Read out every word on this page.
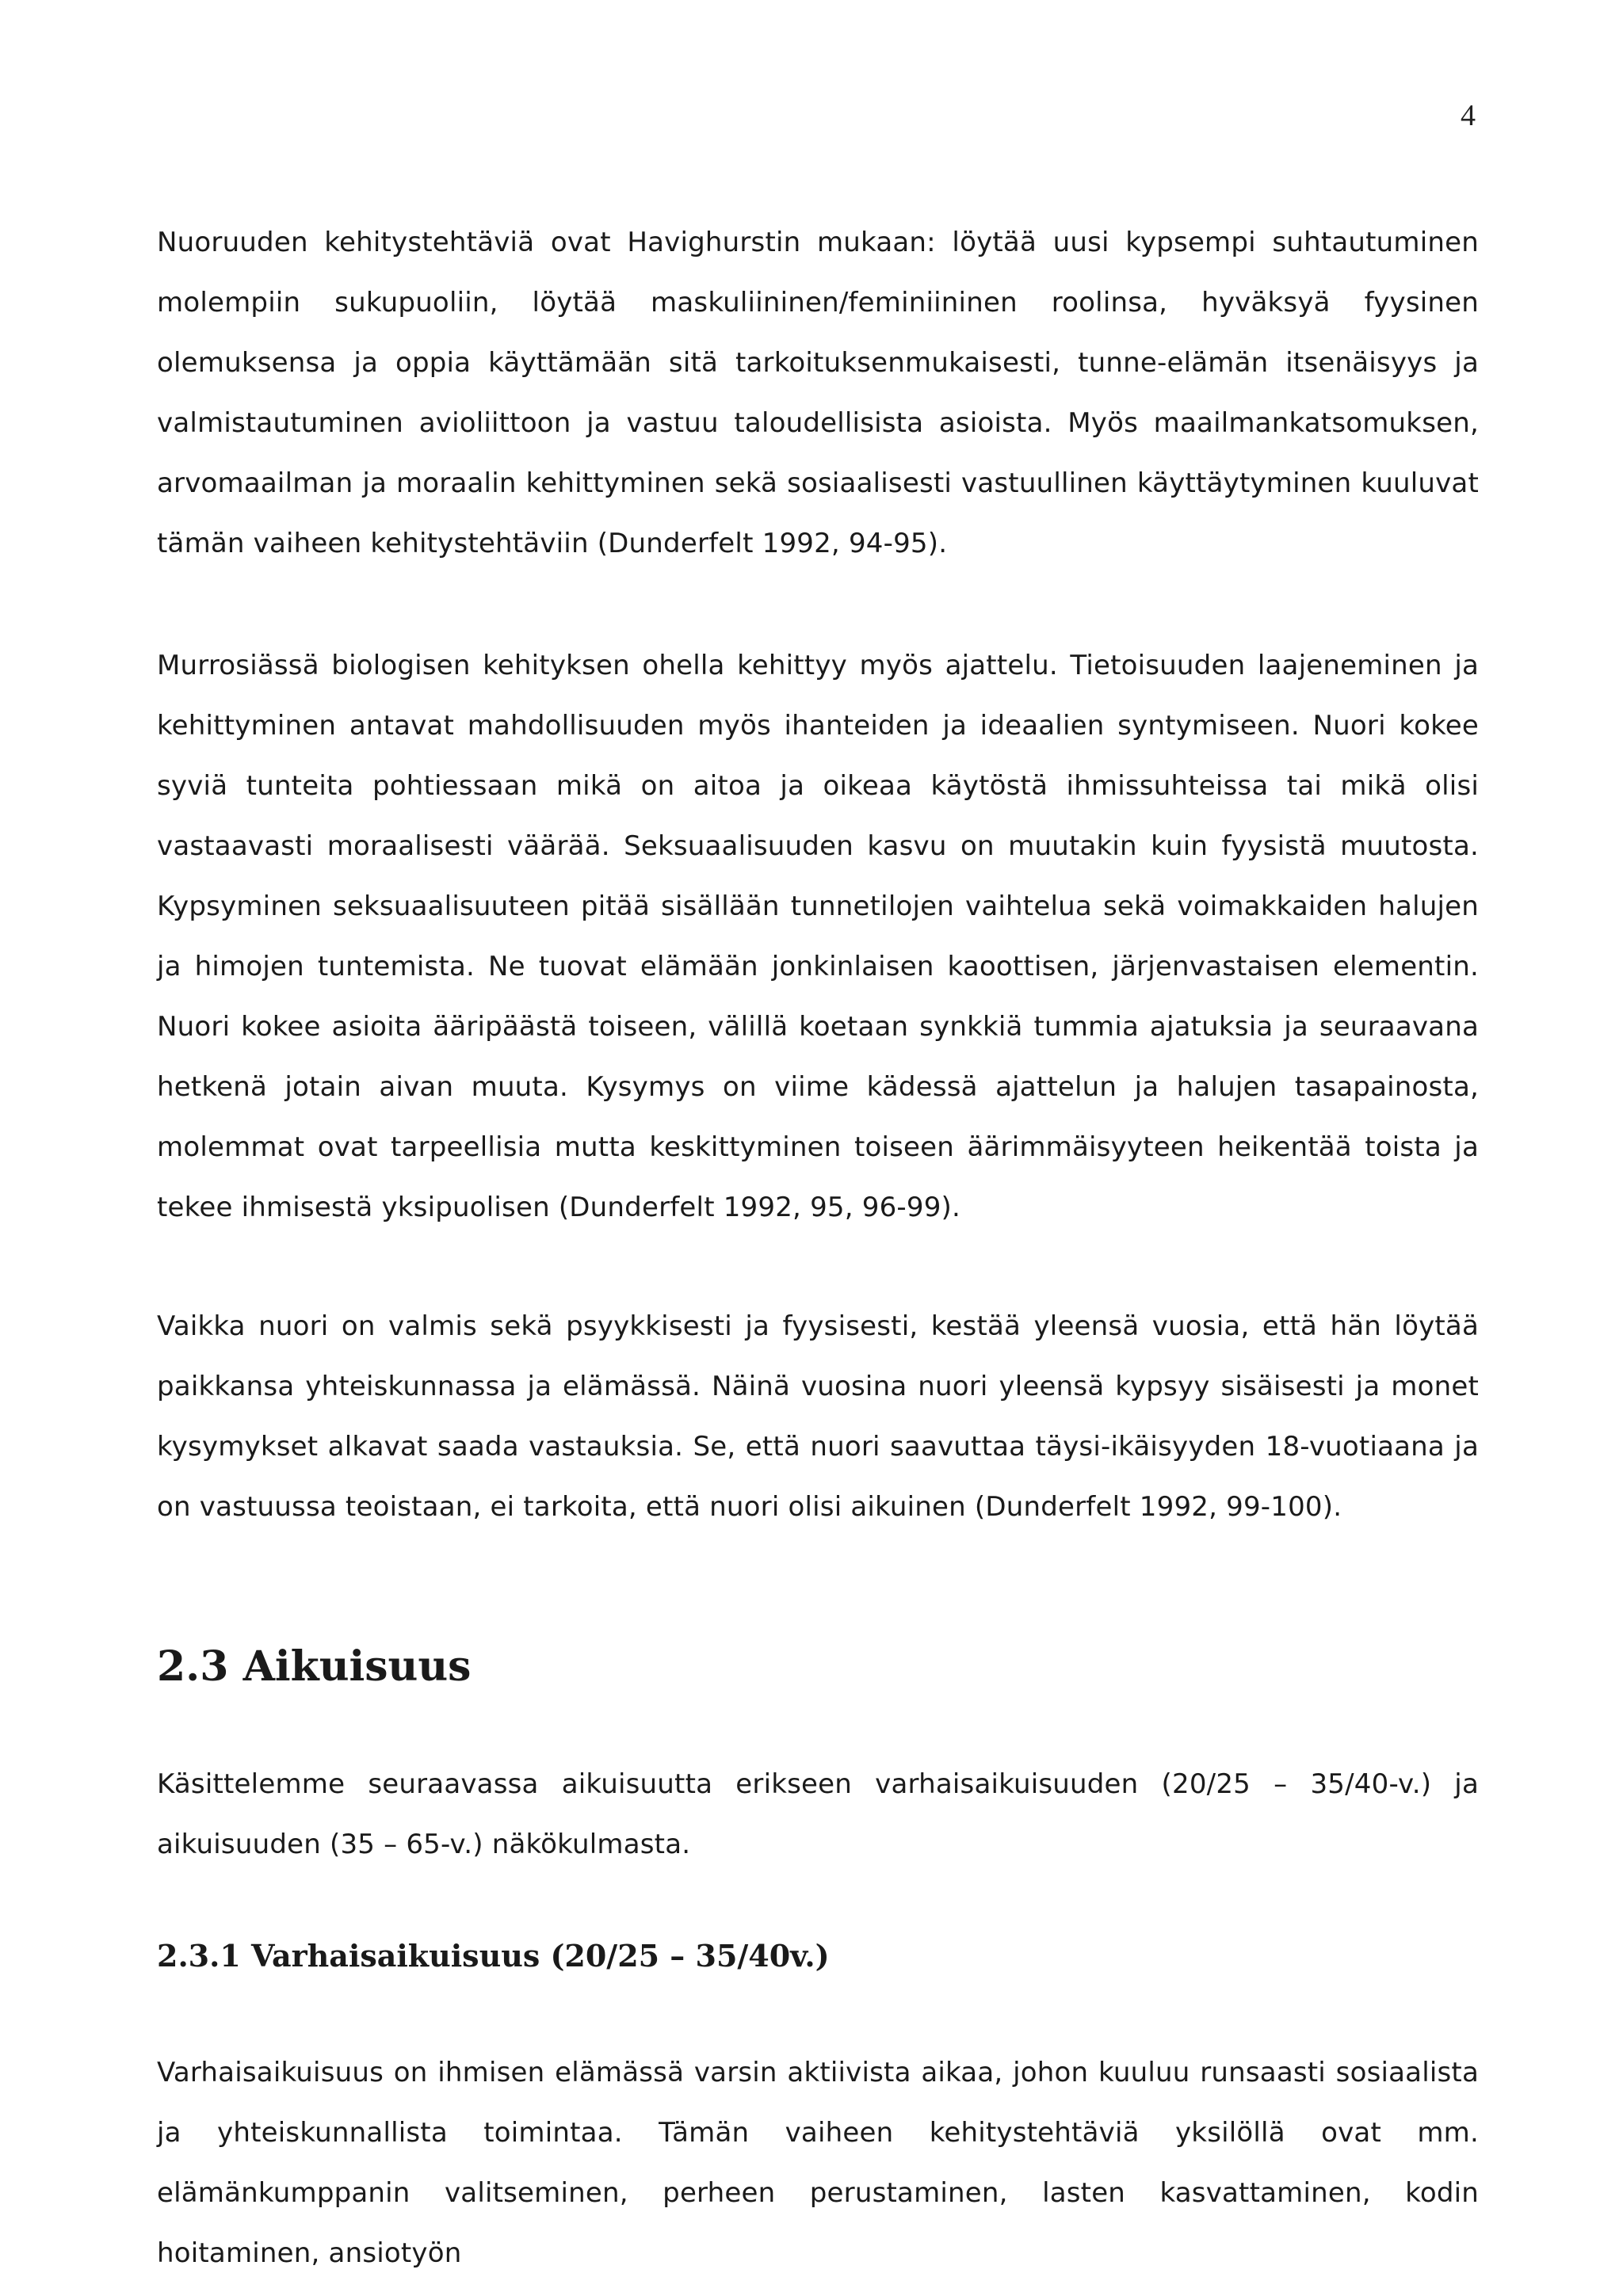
4

Nuoruuden kehitystehtäviä ovat Havighurstin mukaan: löytää uusi kypsempi suhtautuminen molempiin sukupuoliin, löytää maskuliininen/feminiininen roolinsa, hyväksyä fyysinen olemuksensa ja oppia käyttämään sitä tarkoituksenmukaisesti, tunne-elämän itsenäisyys ja valmistautuminen avioliittoon ja vastuu taloudellisista asioista. Myös maailmankatsomuksen, arvomaailman ja moraalin kehittyminen sekä sosiaalisesti vastuullinen käyttäytyminen kuuluvat tämän vaiheen kehitystehtäviin (Dunderfelt 1992, 94-95).

Murrosiässä biologisen kehityksen ohella kehittyy myös ajattelu. Tietoisuuden laajeneminen ja kehittyminen antavat mahdollisuuden myös ihanteiden ja ideaalien syntymiseen. Nuori kokee syviä tunteita pohtiessaan mikä on aitoa ja oikeaa käytöstä ihmissuhteissa tai mikä olisi vastaavasti moraalisesti väärää. Seksuaalisuuden kasvu on muutakin kuin fyysistä muutosta. Kypsyminen seksuaalisuuteen pitää sisällään tunnetilojen vaihtelua sekä voimakkaiden halujen ja himojen tuntemista. Ne tuovat elämään jonkinlaisen kaoottisen, järjenvastaisen elementin. Nuori kokee asioita ääripäästä toiseen, välillä koetaan synkkiä tummia ajatuksia ja seuraavana hetkenä jotain aivan muuta. Kysymys on viime kädessä ajattelun ja halujen tasapainosta, molemmat ovat tarpeellisia mutta keskittyminen toiseen äärimmäisyyteen heikentää toista ja tekee ihmisestä yksipuolisen (Dunderfelt 1992, 95, 96-99).

Vaikka nuori on valmis sekä psyykkisesti ja fyysisesti, kestää yleensä vuosia, että hän löytää paikkansa yhteiskunnassa ja elämässä. Näinä vuosina nuori yleensä kypsyy sisäisesti ja monet kysymykset alkavat saada vastauksia. Se, että nuori saavuttaa täysi-ikäisyyden 18-vuotiaana ja on vastuussa teoistaan, ei tarkoita, että nuori olisi aikuinen (Dunderfelt 1992, 99-100).

2.3 Aikuisuus

Käsittelemme seuraavassa aikuisuutta erikseen varhaisaikuisuuden (20/25 – 35/40-v.) ja aikuisuuden (35 – 65-v.) näkökulmasta.

2.3.1 Varhaisaikuisuus (20/25 – 35/40v.)

Varhaisaikuisuus on ihmisen elämässä varsin aktiivista aikaa, johon kuuluu runsaasti sosiaalista ja yhteiskunnallista toimintaa. Tämän vaiheen kehitystehtäviä yksilöllä ovat mm. elämänkumppanin valitseminen, perheen perustaminen, lasten kasvattaminen, kodin hoitaminen, ansiotyön
